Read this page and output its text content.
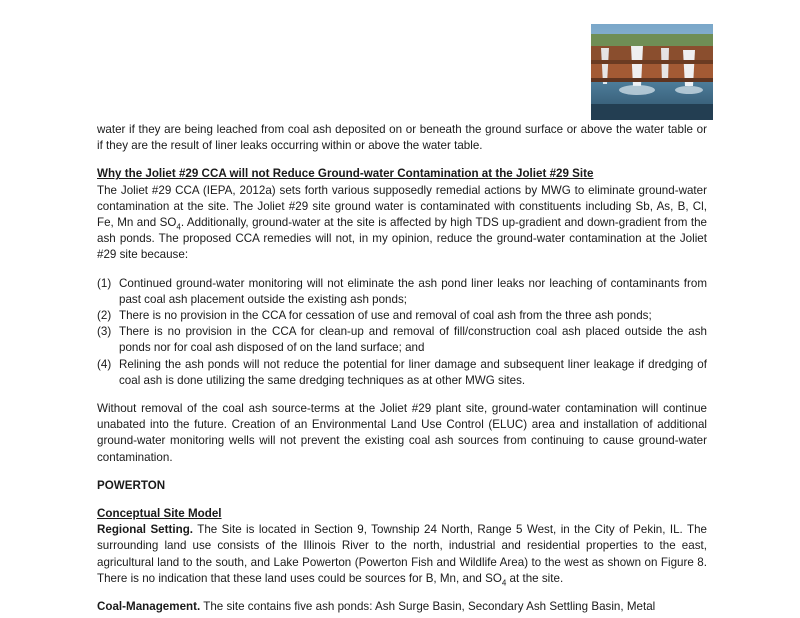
water if they are being leached from coal ash deposited on or beneath the ground surface or above the water table or if they are the result of liner leaks occurring within or above the water table.

Why the Joliet #29 CCA will not Reduce Ground-water Contamination at the Joliet #29 Site

The Joliet #29 CCA (IEPA, 2012a) sets forth various supposedly remedial actions by MWG to eliminate ground-water contamination at the site. The Joliet #29 site ground water is contaminated with constituents including Sb, As, B, Cl, Fe, Mn and $SO_4$. Additionally, ground-water at the site is affected by high TDS up-gradient and down-gradient from the ash ponds. The proposed CCA remedies will not, in my opinion, reduce the ground-water contamination at the Joliet #29 site because:

(1) Continued ground-water monitoring will not eliminate the ash pond liner leaks nor leaching of contaminants from past coal ash placement outside the existing ash ponds;
(2) There is no provision in the CCA for cessation of use and removal of coal ash from the three ash ponds;
(3) There is no provision in the CCA for clean-up and removal of fill/construction coal ash placed outside the ash ponds nor for coal ash disposed of on the land surface; and
(4) Relining the ash ponds will not reduce the potential for liner damage and subsequent liner leakage if dredging of coal ash is done utilizing the same dredging techniques as at other MWG sites.

Without removal of the coal ash source-terms at the Joliet #29 plant site, ground-water contamination will continue unabated into the future. Creation of an Environmental Land Use Control (ELUC) area and installation of additional ground-water monitoring wells will not prevent the existing coal ash sources from continuing to cause ground-water contamination.

POWERTON

Conceptual Site Model

Regional Setting. The Site is located in Section 9, Township 24 North, Range 5 West, in the City of Pekin, IL. The surrounding land use consists of the Illinois River to the north, industrial and residential properties to the east, agricultural land to the south, and Lake Powerton (Powerton Fish and Wildlife Area) to the west as shown on Figure 8. There is no indication that these land uses could be sources for B, Mn, and $SO_4$ at the site.

Coal-Management. The site contains five ash ponds: Ash Surge Basin, Secondary Ash Settling Basin, Metal
